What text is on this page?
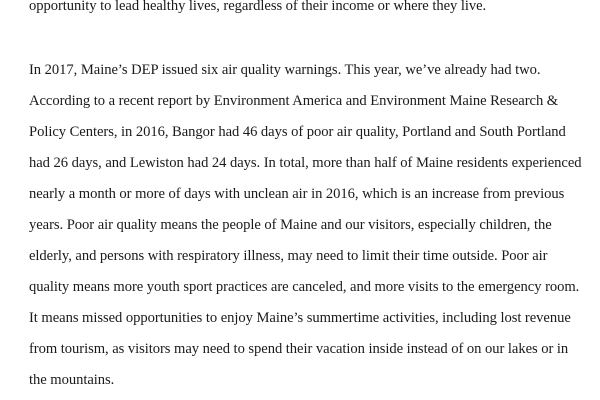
opportunity to lead healthy lives, regardless of their income or where they live.

In 2017, Maine’s DEP issued six air quality warnings. This year, we’ve already had two.

According to a recent report by Environment America and Environment Maine Research &

Policy Centers, in 2016, Bangor had 46 days of poor air quality, Portland and South Portland

had 26 days, and Lewiston had 24 days. In total, more than half of Maine residents experienced

nearly a month or more of days with unclean air in 2016, which is an increase from previous

years. Poor air quality means the people of Maine and our visitors, especially children, the

elderly, and persons with respiratory illness, may need to limit their time outside. Poor air

quality means more youth sport practices are canceled, and more visits to the emergency room.

It means missed opportunities to enjoy Maine’s summertime activities, including lost revenue

from tourism, as visitors may need to spend their vacation inside instead of on our lakes or in

the mountains.
